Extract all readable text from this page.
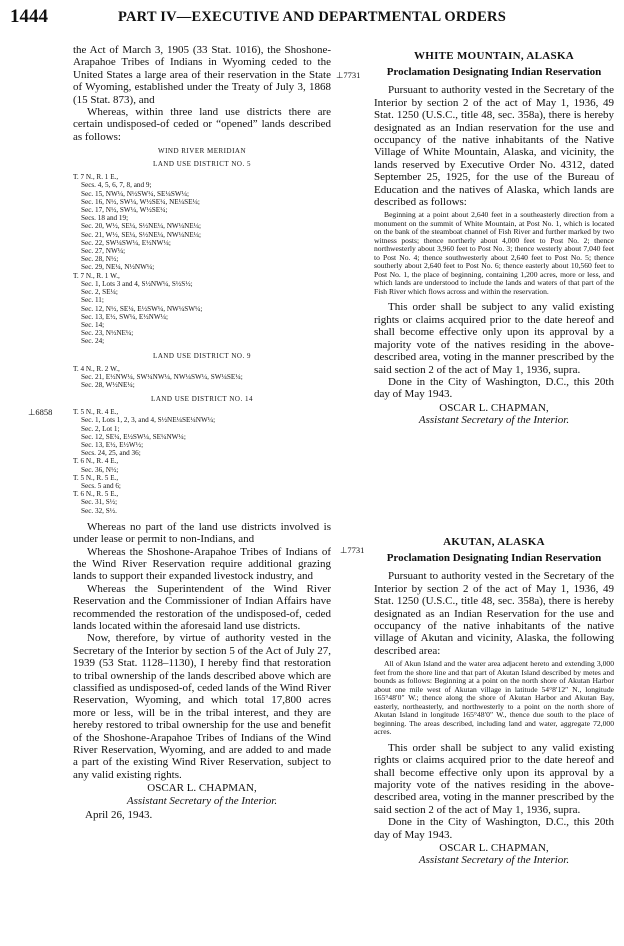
1444	PART IV—EXECUTIVE AND DEPARTMENTAL ORDERS
⊥6858
⊥7731
⊥7731

the Act of March 3, 1905 (33 Stat. 1016), the Shoshone-Arapahoe Tribes of Indians in Wyoming ceded to the United States a large area of their reservation in the State of Wyoming, established under the Treaty of July 3, 1868 (15 Stat. 873), and

Whereas, within three land use districts there are certain undisposed-of ceded or “opened” lands described as follows:

WIND RIVER MERIDIAN
LAND USE DISTRICT NO. 5
T. 7 N., R. 1 E.,
Secs. 4, 5, 6, 7, 8, and 9;
Sec. 15, NW¼, N½SW¼, SE¼SW¼;
Sec. 16, N½, SW¼, W½SE¼, NE¼SE¼;
Sec. 17, N½, SW¼, W½SE¼;
Secs. 18 and 19;
Sec. 20, W½, SE¼, S½NE¼, NW¼NE¼;
Sec. 21, W½, SE¼, S½NE¼, NW¼NE¼;
Sec. 22, SW¼SW¼, E½NW¼;
Sec. 27, NW¼;
Sec. 28, N½;
Sec. 29, NE¼, N½NW¼;
T. 7 N., R. 1 W.,
Sec. 1, Lots 3 and 4, S½NW¼, S½S½;
Sec. 2, SE¼;
Sec. 11;
Sec. 12, N½, SE¼, E½SW¼, NW¼SW¼;
Sec. 13, E½, SW¼, E½NW¼;
Sec. 14;
Sec. 23, N½NE¼;
Sec. 24;
LAND USE DISTRICT NO. 9
T. 4 N., R. 2 W.,
Sec. 21, E½NW¼, SW¼NW¼, NW¼SW¼, SW¼SE¼;
Sec. 28, W½NE¼;
LAND USE DISTRICT NO. 14
T. 5 N., R. 4 E.,
Sec. 1, Lots 1, 2, 3, and 4, S½NE¼SE¼NW¼;
Sec. 2, Lot 1;
Sec. 12, SE¼, E½SW¼, SE¼NW¼;
Sec. 13, E½, E½W½;
Secs. 24, 25, and 36;
T. 6 N., R. 4 E.,
Sec. 36, N½;
T. 5 N., R. 5 E.,
Secs. 5 and 6;
T. 6 N., R. 5 E.,
Sec. 31, S½;
Sec. 32, S½.

Whereas no part of the land use districts involved is under lease or permit to non-Indians, and

Whereas the Shoshone-Arapahoe Tribes of Indians of the Wind River Reservation require additional grazing lands to support their expanded livestock industry, and

Whereas the Superintendent of the Wind River Reservation and the Commissioner of Indian Affairs have recommended the restoration of the undisposed-of, ceded lands located within the aforesaid land use districts.

Now, therefore, by virtue of authority vested in the Secretary of the Interior by section 5 of the Act of July 27, 1939 (53 Stat. 1128–1130), I hereby find that restoration to tribal ownership of the lands described above which are classified as undisposed-of, ceded lands of the Wind River Reservation, Wyoming, and which total 17,800 acres more or less, will be in the tribal interest, and they are hereby restored to tribal ownership for the use and benefit of the Shoshone-Arapahoe Tribes of Indians of the Wind River Reservation, Wyoming, and are added to and made a part of the existing Wind River Reservation, subject to any valid existing rights.

OSCAR L. CHAPMAN,
Assistant Secretary of the Interior.
April 26, 1943.
WHITE MOUNTAIN, ALASKA
Proclamation Designating Indian Reservation

Pursuant to authority vested in the Secretary of the Interior by section 2 of the act of May 1, 1936, 49 Stat. 1250 (U.S.C., title 48, sec. 358a), there is hereby designated as an Indian reservation for the use and occupancy of the native inhabitants of the Native Village of White Mountain, Alaska, and vicinity, the lands reserved by Executive Order No. 4312, dated September 25, 1925, for the use of the Bureau of Education and the natives of Alaska, which lands are described as follows:

Beginning at a point about 2,640 feet in a southeasterly direction from a monument on the summit of White Mountain, at Post No. 1, which is located on the bank of the steamboat channel of Fish River and further marked by two witness posts; thence northerly about 4,000 feet to Post No. 2; thence northwesterly about 3,960 feet to Post No. 3; thence westerly about 7,040 feet to Post No. 4; thence southwesterly about 2,640 feet to Post No. 5; thence southerly about 2,640 feet to Post No. 6; thence easterly about 10,560 feet to Post No. 1, the place of beginning, containing 1,200 acres, more or less, and which lands are understood to include the lands and waters of that part of the Fish River which flows across and within the reservation.

This order shall be subject to any valid existing rights or claims acquired prior to the date hereof and shall become effective only upon its approval by a majority vote of the natives residing in the above-described area, voting in the manner prescribed by the said section 2 of the act of May 1, 1936, supra.

Done in the City of Washington, D.C., this 20th day of May 1943.

OSCAR L. CHAPMAN,
Assistant Secretary of the Interior.
AKUTAN, ALASKA
Proclamation Designating Indian Reservation

Pursuant to authority vested in the Secretary of the Interior by section 2 of the act of May 1, 1936, 49 Stat. 1250 (U.S.C., title 48, sec. 358a), there is hereby designated as an Indian Reservation for the use and occupancy of the native inhabitants of the native village of Akutan and vicinity, Alaska, the following described area:

All of Akun Island and the water area adjacent hereto and extending 3,000 feet from the shore line and that part of Akutan Island described by metes and bounds as follows: Beginning at a point on the north shore of Akutan Harbor about one mile west of Akutan village in latitude 54°8′12″ N., longitude 165°48′0″ W.; thence along the shore of Akutan Harbor and Akutan Bay, easterly, northeasterly, and northwesterly to a point on the north shore of Akutan Island in longitude 165°48′0″ W., thence due south to the place of beginning. The areas described, including land and water, aggregate 72,000 acres.

This order shall be subject to any valid existing rights or claims acquired prior to the date hereof and shall become effective only upon its approval by a majority vote of the natives residing in the above-described area, voting in the manner prescribed by the said section 2 of the act of May 1, 1936, supra.

Done in the City of Washington, D.C., this 20th day of May 1943.

OSCAR L. CHAPMAN,
Assistant Secretary of the Interior.
